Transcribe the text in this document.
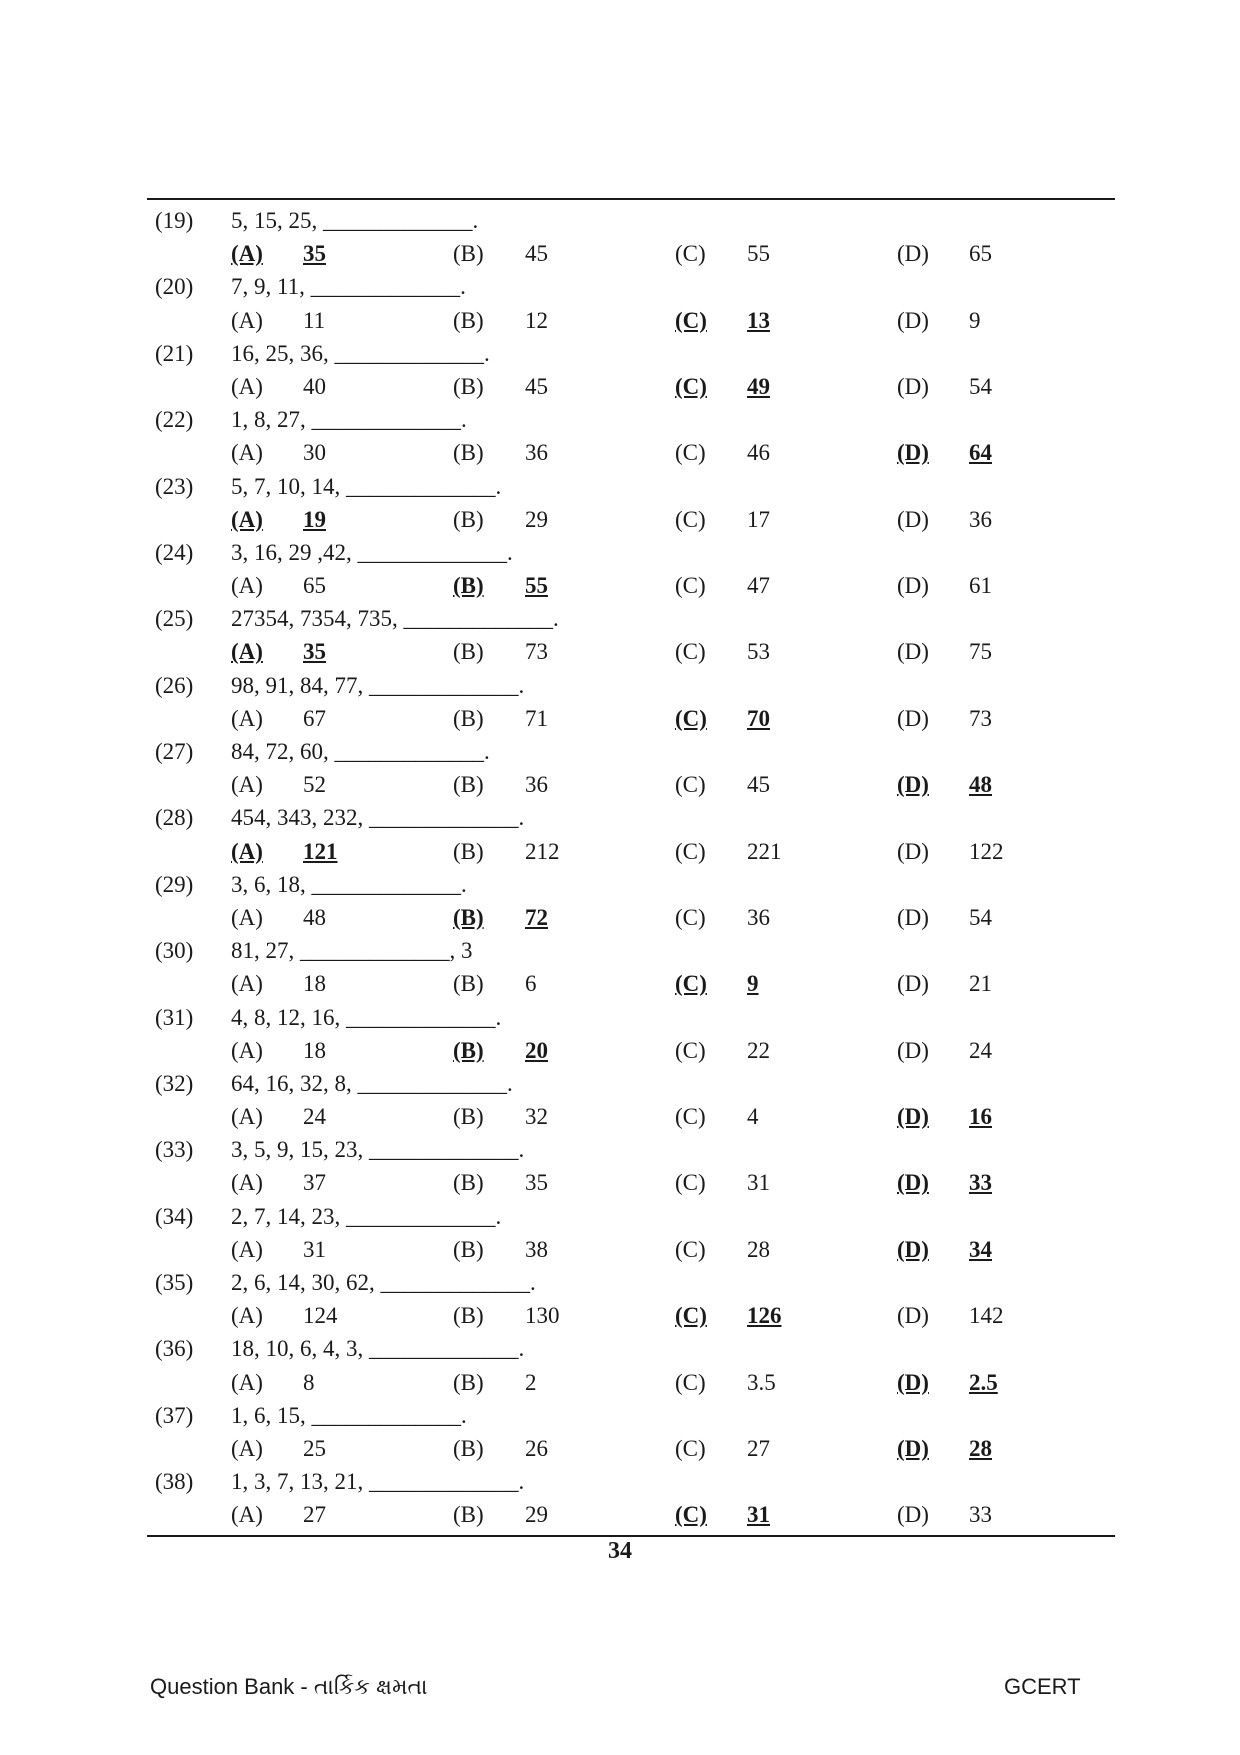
(19) 5, 15, 25, _____________.
(A) 35	(B) 45	(C) 55	(D) 65
(20) 7, 9, 11, _____________.
(A) 11	(B) 12	(C) 13	(D) 9
(21) 16, 25, 36, _____________.
(A) 40	(B) 45	(C) 49	(D) 54
(22) 1, 8, 27, _____________.
(A) 30	(B) 36	(C) 46	(D) 64
(23) 5, 7, 10, 14, _____________.
(A) 19	(B) 29	(C) 17	(D) 36
(24) 3, 16, 29 ,42, _____________.
(A) 65	(B) 55	(C) 47	(D) 61
(25) 27354, 7354, 735, _____________.
(A) 35	(B) 73	(C) 53	(D) 75
(26) 98, 91, 84, 77, _____________.
(A) 67	(B) 71	(C) 70	(D) 73
(27) 84, 72, 60, _____________.
(A) 52	(B) 36	(C) 45	(D) 48
(28) 454, 343, 232, _____________.
(A) 121	(B) 212	(C) 221	(D) 122
(29) 3, 6, 18, _____________.
(A) 48	(B) 72	(C) 36	(D) 54
(30) 81, 27, _____________, 3
(A) 18	(B) 6	(C) 9	(D) 21
(31) 4, 8, 12, 16, _____________.
(A) 18	(B) 20	(C) 22	(D) 24
(32) 64, 16, 32, 8, _____________.
(A) 24	(B) 32	(C) 4	(D) 16
(33) 3, 5, 9, 15, 23, _____________.
(A) 37	(B) 35	(C) 31	(D) 33
(34) 2, 7, 14, 23, _____________.
(A) 31	(B) 38	(C) 28	(D) 34
(35) 2, 6, 14, 30, 62, _____________.
(A) 124	(B) 130	(C) 126	(D) 142
(36) 18, 10, 6, 4, 3, _____________.
(A) 8	(B) 2	(C) 3.5	(D) 2.5
(37) 1, 6, 15, _____________.
(A) 25	(B) 26	(C) 27	(D) 28
(38) 1, 3, 7, 13, 21, _____________.
(A) 27	(B) 29	(C) 31	(D) 33
34
Question Bank - તાર્કિક ક્ષમતા	GCERT
